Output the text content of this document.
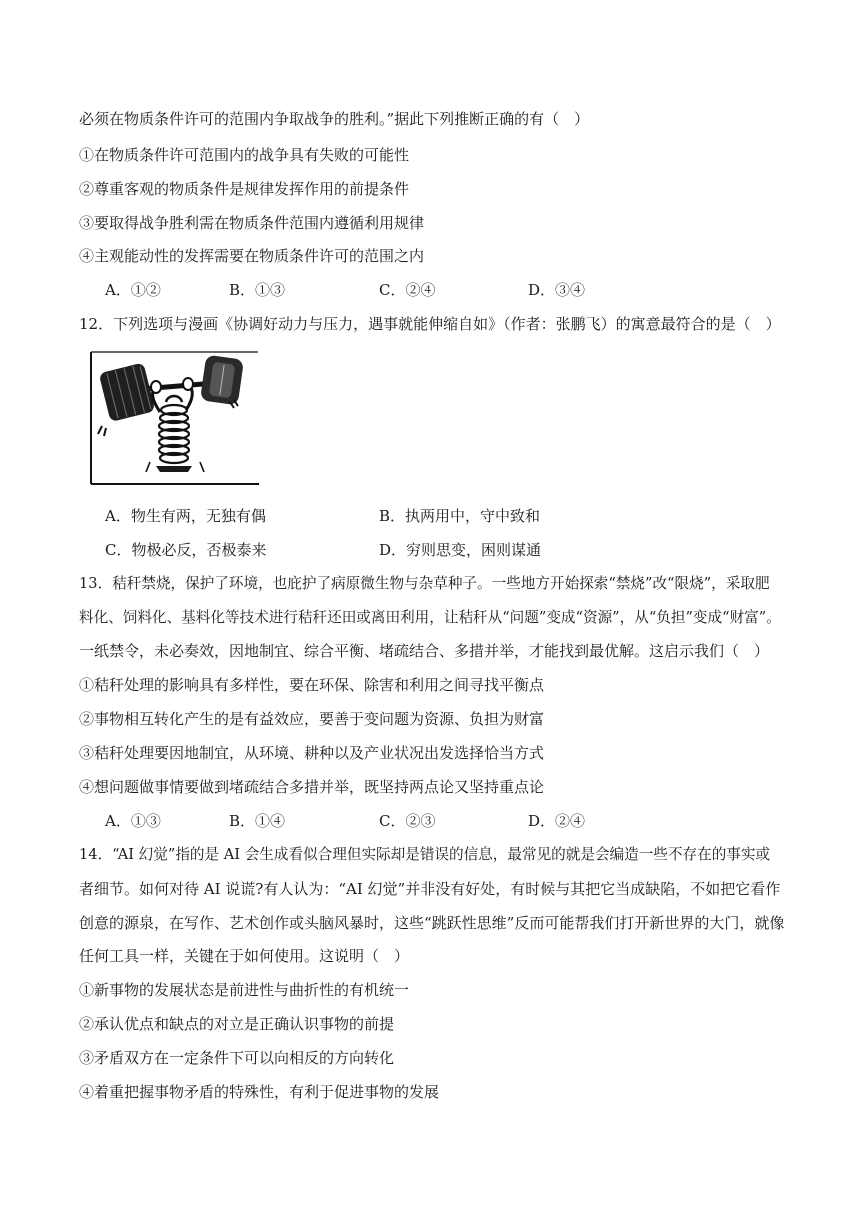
必须在物质条件许可的范围内争取战争的胜利。”据此下列推断正确的有（　）
①在物质条件许可范围内的战争具有失败的可能性
②尊重客观的物质条件是规律发挥作用的前提条件
③要取得战争胜利需在物质条件范围内遵循利用规律
④主观能动性的发挥需要在物质条件许可的范围之内
A．①②	B．①③	C．②④	D．③④
12．下列选项与漫画《协调好动力与压力，遇事就能伸缩自如》（作者：张鹏飞）的寓意最符合的是（　）
A．物生有两，无独有偶	B．执两用中，守中致和
C．物极必反，否极泰来	D．穷则思变，困则谋通
13．秸秆禁烧，保护了环境，也庇护了病原微生物与杂草种子。一些地方开始探索“禁烧”改“限烧”，采取肥
料化、饲料化、基料化等技术进行秸秆还田或离田利用，让秸秆从“问题”变成“资源”，从“负担”变成“财富”。
一纸禁令，未必奏效，因地制宜、综合平衡、堵疏结合、多措并举，才能找到最优解。这启示我们（　）
①秸秆处理的影响具有多样性，要在环保、除害和利用之间寻找平衡点
②事物相互转化产生的是有益效应，要善于变问题为资源、负担为财富
③秸秆处理要因地制宜，从环境、耕种以及产业状况出发选择恰当方式
④想问题做事情要做到堵疏结合多措并举，既坚持两点论又坚持重点论
A．①③	B．①④	C．②③	D．②④
14．“AI 幻觉”指的是 AI 会生成看似合理但实际却是错误的信息，最常见的就是会编造一些不存在的事实或
者细节。如何对待 AI 说谎?有人认为：“AI 幻觉”并非没有好处，有时候与其把它当成缺陷，不如把它看作
创意的源泉，在写作、艺术创作或头脑风暴时，这些“跳跃性思维”反而可能帮我们打开新世界的大门，就像
任何工具一样，关键在于如何使用。这说明（　）
①新事物的发展状态是前进性与曲折性的有机统一
②承认优点和缺点的对立是正确认识事物的前提
③矛盾双方在一定条件下可以向相反的方向转化
④着重把握事物矛盾的特殊性，有利于促进事物的发展
